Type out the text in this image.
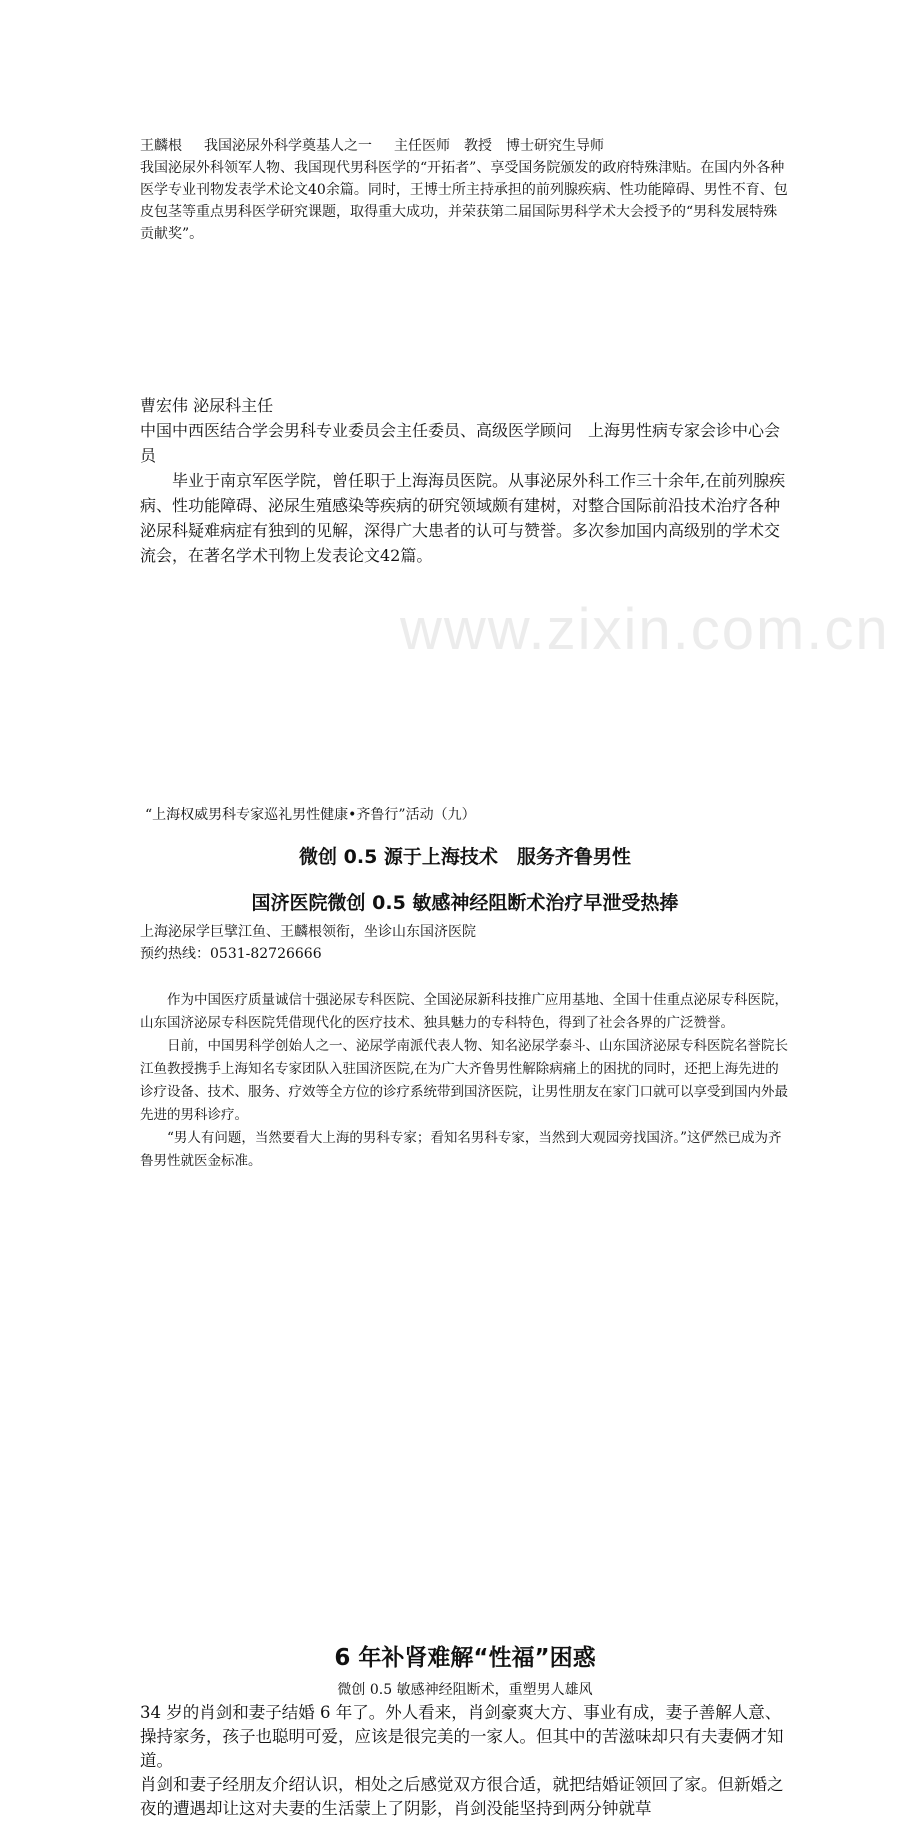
www.zixin.com.cn

王麟根 我国泌尿外科学奠基人之一 主任医师 教授 博士研究生导师

我国泌尿外科领军人物、我国现代男科医学的“开拓者”、享受国务院颁发的政府特殊津贴。在国内外各种医学专业刊物发表学术论文40余篇。同时，王博士所主持承担的前列腺疾病、性功能障碍、男性不育、包皮包茎等重点男科医学研究课题，取得重大成功，并荣获第二届国际男科学术大会授予的“男科发展特殊贡献奖”。

曹宏伟 泌尿科主任

中国中西医结合学会男科专业委员会主任委员、高级医学顾问　上海男性病专家会诊中心会员

毕业于南京军医学院，曾任职于上海海员医院。从事泌尿外科工作三十余年,在前列腺疾病、性功能障碍、泌尿生殖感染等疾病的研究领域颇有建树，对整合国际前沿技术治疗各种泌尿科疑难病症有独到的见解，深得广大患者的认可与赞誉。多次参加国内高级别的学术交流会，在著名学术刊物上发表论文42篇。

“上海权威男科专家巡礼男性健康•齐鲁行”活动（九）

微创 0.5 源于上海技术　服务齐鲁男性

国济医院微创 0.5 敏感神经阻断术治疗早泄受热捧

上海泌尿学巨擘江鱼、王麟根领衔，坐诊山东国济医院

预约热线：0531-82726666

作为中国医疗质量诚信十强泌尿专科医院、全国泌尿新科技推广应用基地、全国十佳重点泌尿专科医院，山东国济泌尿专科医院凭借现代化的医疗技术、独具魅力的专科特色，得到了社会各界的广泛赞誉。

日前，中国男科学创始人之一、泌尿学南派代表人物、知名泌尿学泰斗、山东国济泌尿专科医院名誉院长江鱼教授携手上海知名专家团队入驻国济医院,在为广大齐鲁男性解除病痛上的困扰的同时，还把上海先进的诊疗设备、技术、服务、疗效等全方位的诊疗系统带到国济医院，让男性朋友在家门口就可以享受到国内外最先进的男科诊疗。

“男人有问题，当然要看大上海的男科专家；看知名男科专家，当然到大观园旁找国济。”这俨然已成为齐鲁男性就医金标准。

6 年补肾难解“性福”困惑

微创 0.5 敏感神经阻断术，重塑男人雄风

34 岁的肖剑和妻子结婚 6 年了。外人看来，肖剑豪爽大方、事业有成，妻子善解人意、操持家务，孩子也聪明可爱，应该是很完美的一家人。但其中的苦滋味却只有夫妻俩才知道。

肖剑和妻子经朋友介绍认识，相处之后感觉双方很合适，就把结婚证领回了家。但新婚之夜的遭遇却让这对夫妻的生活蒙上了阴影，肖剑没能坚持到两分钟就草
